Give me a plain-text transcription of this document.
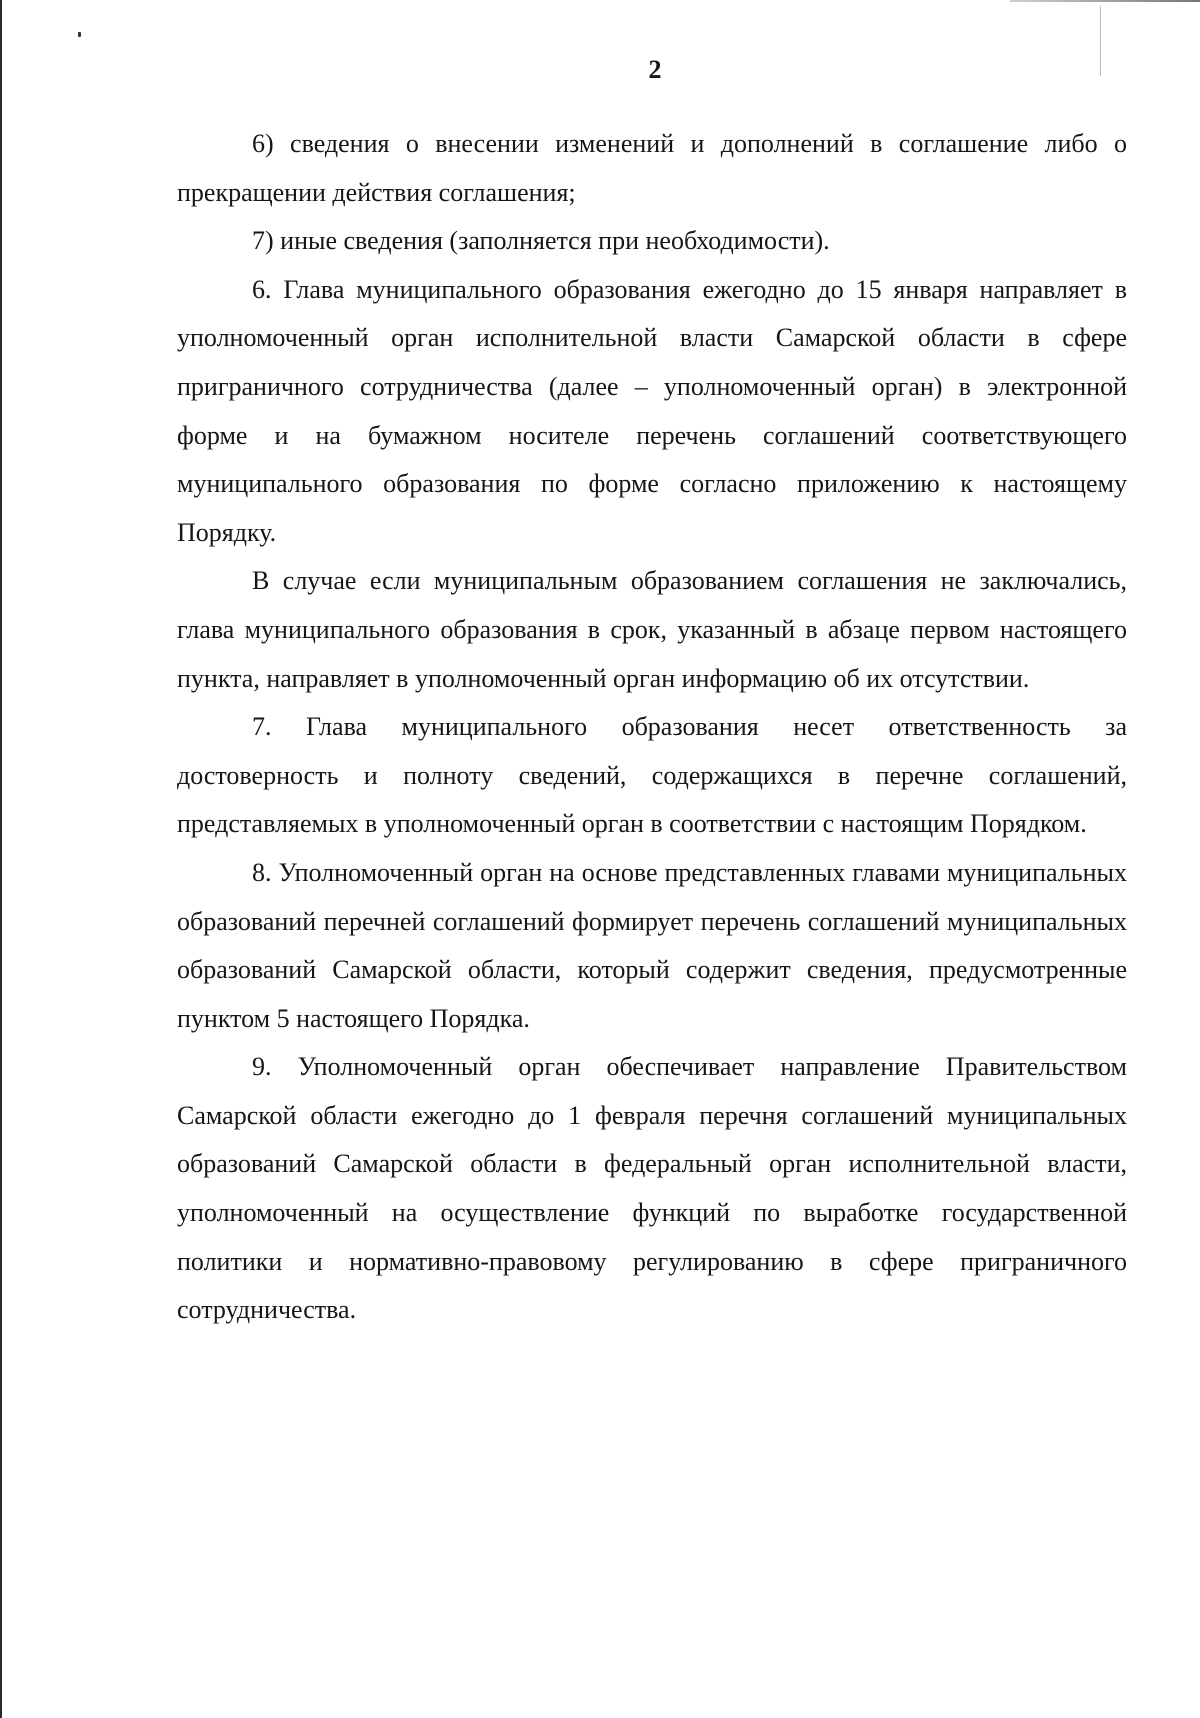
2

6) сведения о внесении изменений и дополнений в соглашение либо о прекращении действия соглашения;

7) иные сведения (заполняется при необходимости).

6. Глава муниципального образования ежегодно до 15 января направляет в уполномоченный орган исполнительной власти Самарской области в сфере приграничного сотрудничества (далее – уполномоченный орган) в электронной форме и на бумажном носителе перечень соглашений соответствующего муниципального образования по форме согласно приложению к настоящему Порядку.

В случае если муниципальным образованием соглашения не заключались, глава муниципального образования в срок, указанный в абзаце первом настоящего пункта, направляет в уполномоченный орган информацию об их отсутствии.

7. Глава муниципального образования несет ответственность за достоверность и полноту сведений, содержащихся в перечне соглашений, представляемых в уполномоченный орган в соответствии с настоящим Порядком.

8. Уполномоченный орган на основе представленных главами муниципальных образований перечней соглашений формирует перечень соглашений муниципальных образований Самарской области, который содержит сведения, предусмотренные пунктом 5 настоящего Порядка.

9. Уполномоченный орган обеспечивает направление Правительством Самарской области ежегодно до 1 февраля перечня соглашений муниципальных образований Самарской области в федеральный орган исполнительной власти, уполномоченный на осуществление функций по выработке государственной политики и нормативно-правовому регулированию в сфере приграничного сотрудничества.
